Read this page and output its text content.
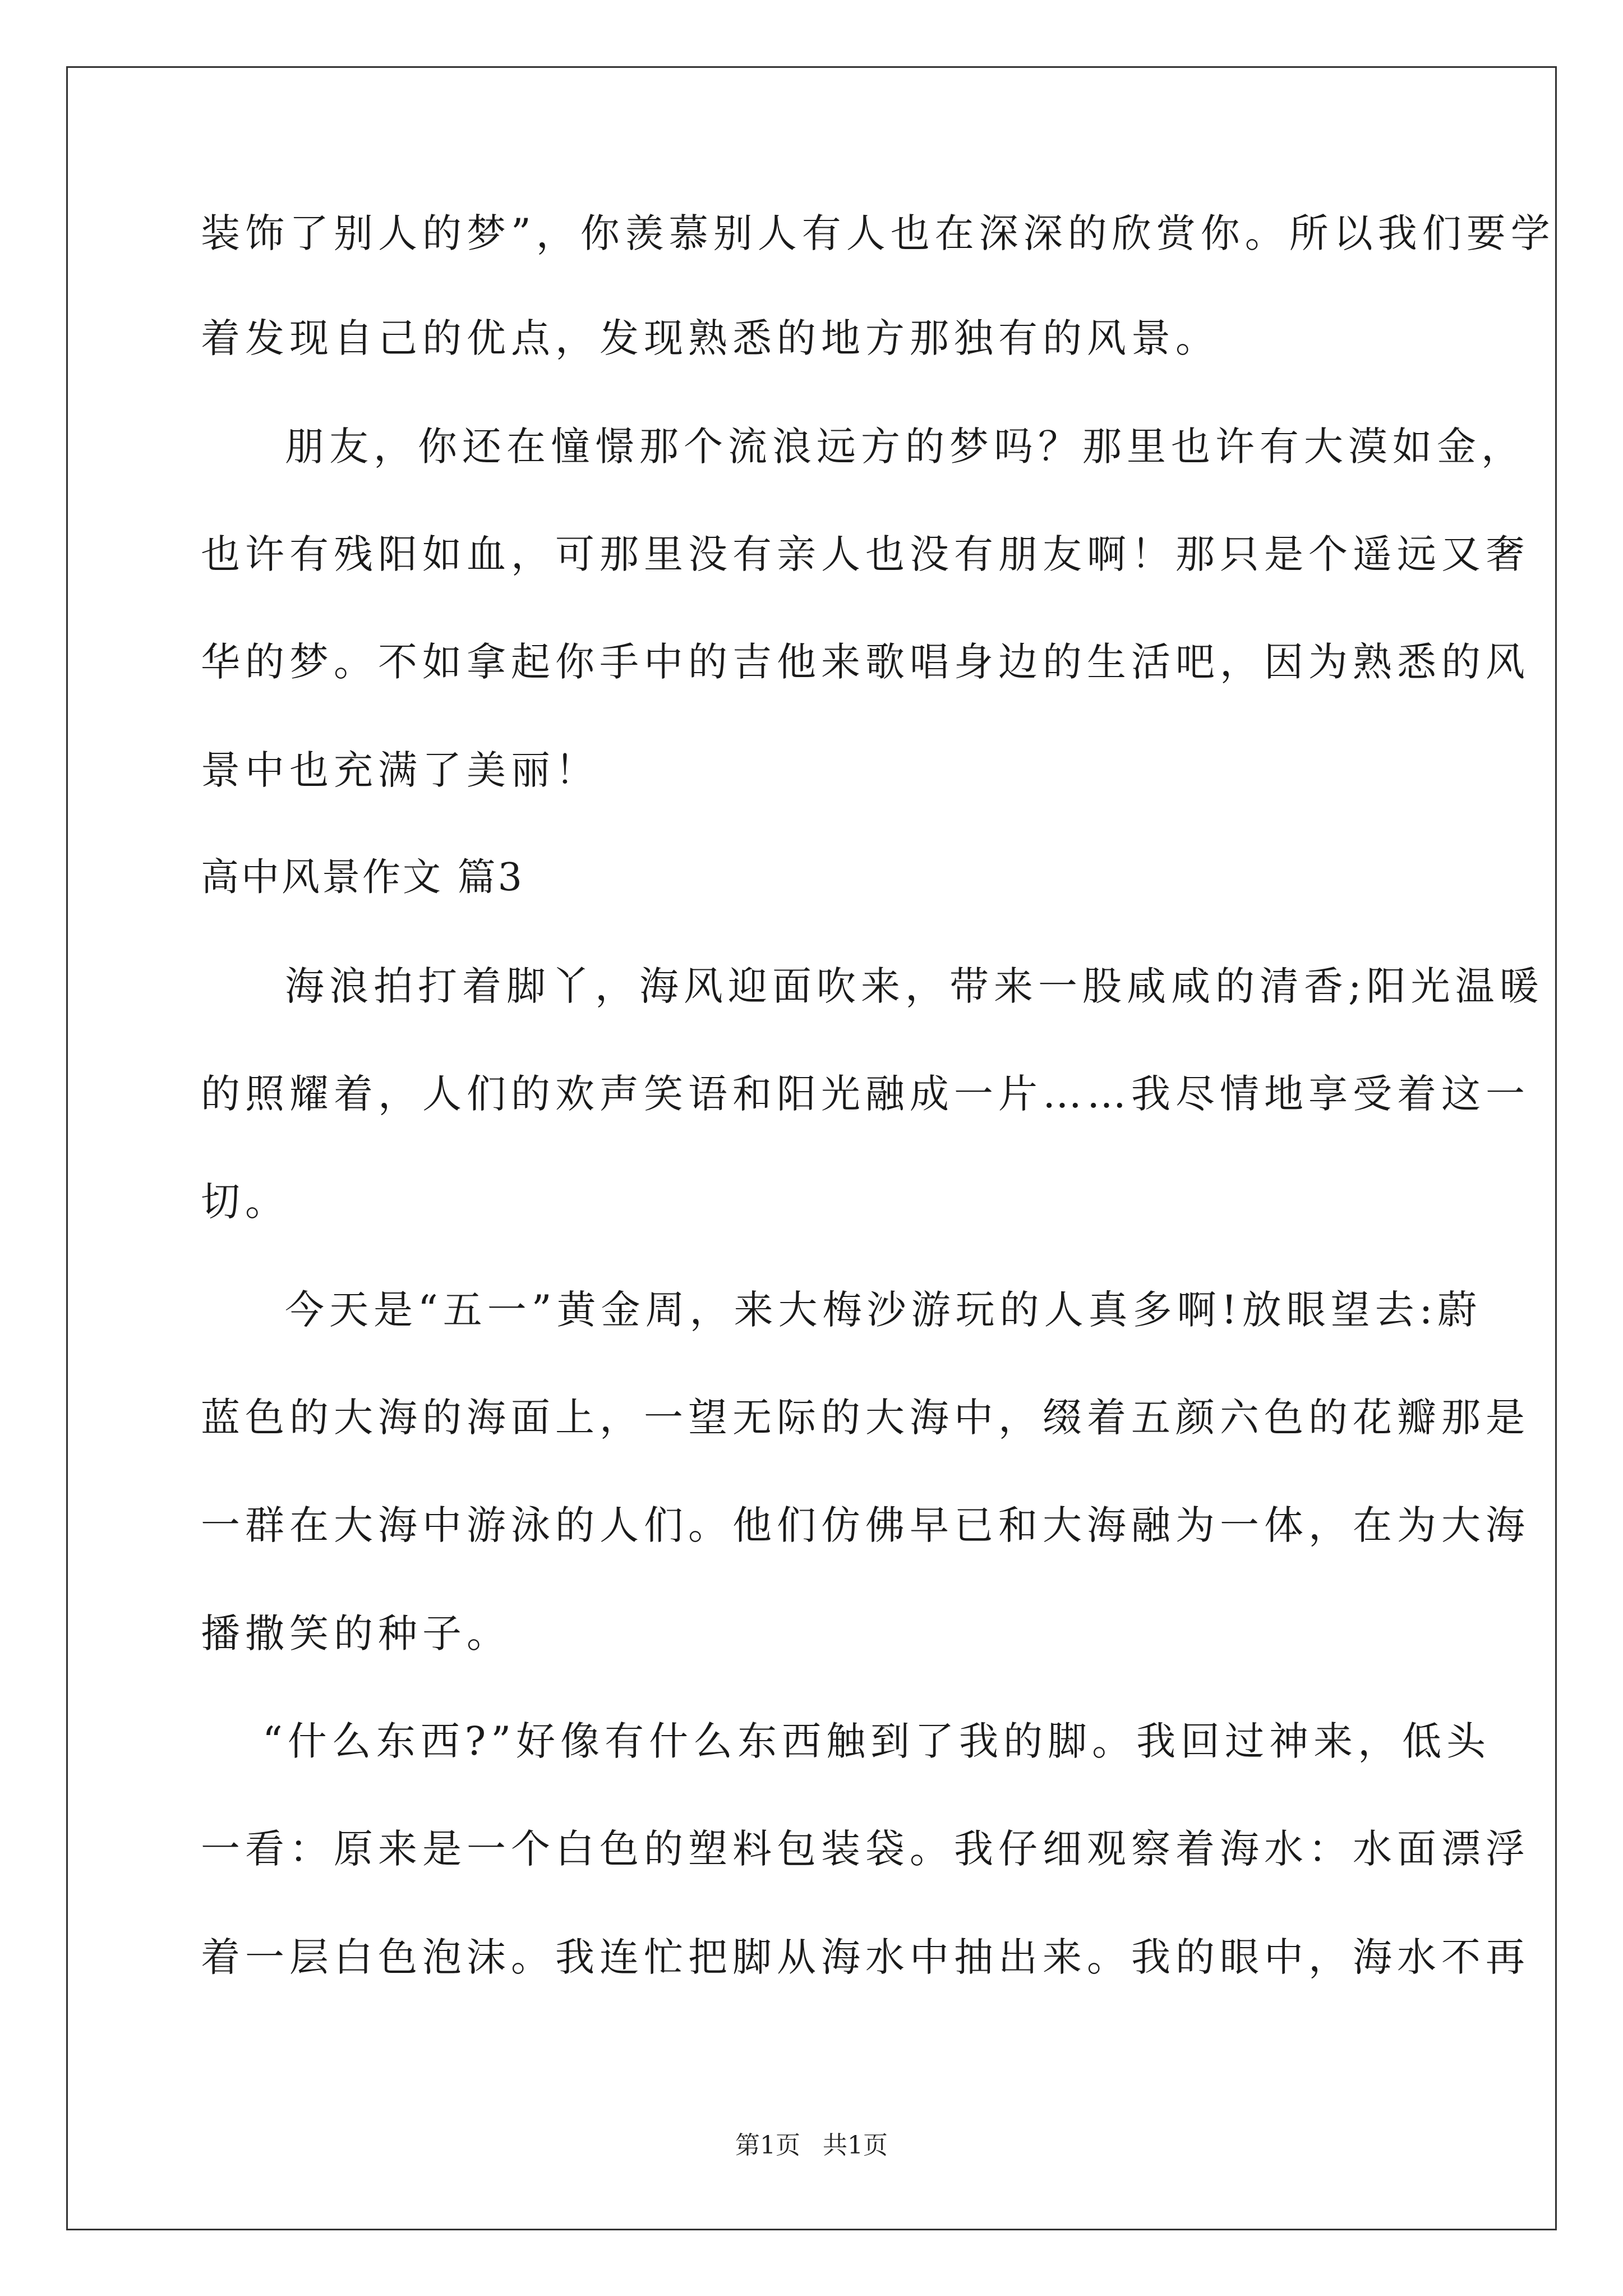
装饰了别人的梦”，你羡慕别人有人也在深深的欣赏你。所以我们要学
着发现自己的优点，发现熟悉的地方那独有的风景。
朋友，你还在憧憬那个流浪远方的梦吗？那里也许有大漠如金，
也许有残阳如血，可那里没有亲人也没有朋友啊！那只是个遥远又奢
华的梦。不如拿起你手中的吉他来歌唱身边的生活吧，因为熟悉的风
景中也充满了美丽！
高中风景作文 篇3
海浪拍打着脚丫，海风迎面吹来，带来一股咸咸的清香;阳光温暖
的照耀着，人们的欢声笑语和阳光融成一片……我尽情地享受着这一
切。
今天是“五一”黄金周，来大梅沙游玩的人真多啊!放眼望去:蔚
蓝色的大海的海面上，一望无际的大海中，缀着五颜六色的花瓣那是
一群在大海中游泳的人们。他们仿佛早已和大海融为一体，在为大海
播撒笑的种子。
“什么东西?”好像有什么东西触到了我的脚。我回过神来，低头
一看：原来是一个白色的塑料包装袋。我仔细观察着海水：水面漂浮
着一层白色泡沫。我连忙把脚从海水中抽出来。我的眼中，海水不再
第1页 共1页
